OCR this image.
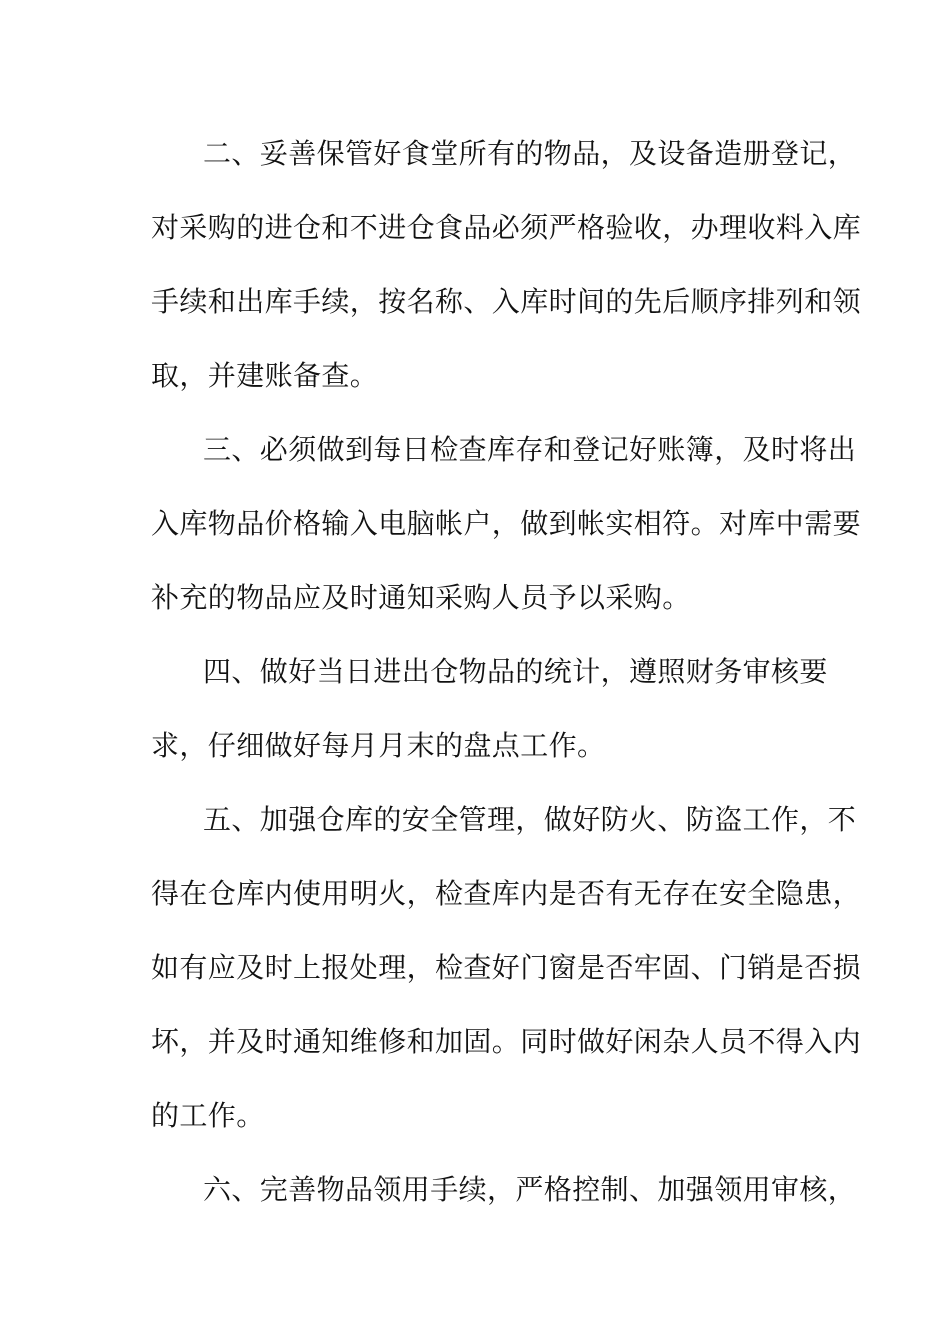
二、妥善保管好食堂所有的物品，及设备造册登记，
对采购的进仓和不进仓食品必须严格验收，办理收料入库
手续和出库手续，按名称、入库时间的先后顺序排列和领
取，并建账备查。
三、必须做到每日检查库存和登记好账簿，及时将出
入库物品价格输入电脑帐户，做到帐实相符。对库中需要
补充的物品应及时通知采购人员予以采购。
四、做好当日进出仓物品的统计，遵照财务审核要
求，仔细做好每月月末的盘点工作。
五、加强仓库的安全管理，做好防火、防盗工作，不
得在仓库内使用明火，检查库内是否有无存在安全隐患，
如有应及时上报处理，检查好门窗是否牢固、门销是否损
坏，并及时通知维修和加固。同时做好闲杂人员不得入内
的工作。
六、完善物品领用手续，严格控制、加强领用审核，
